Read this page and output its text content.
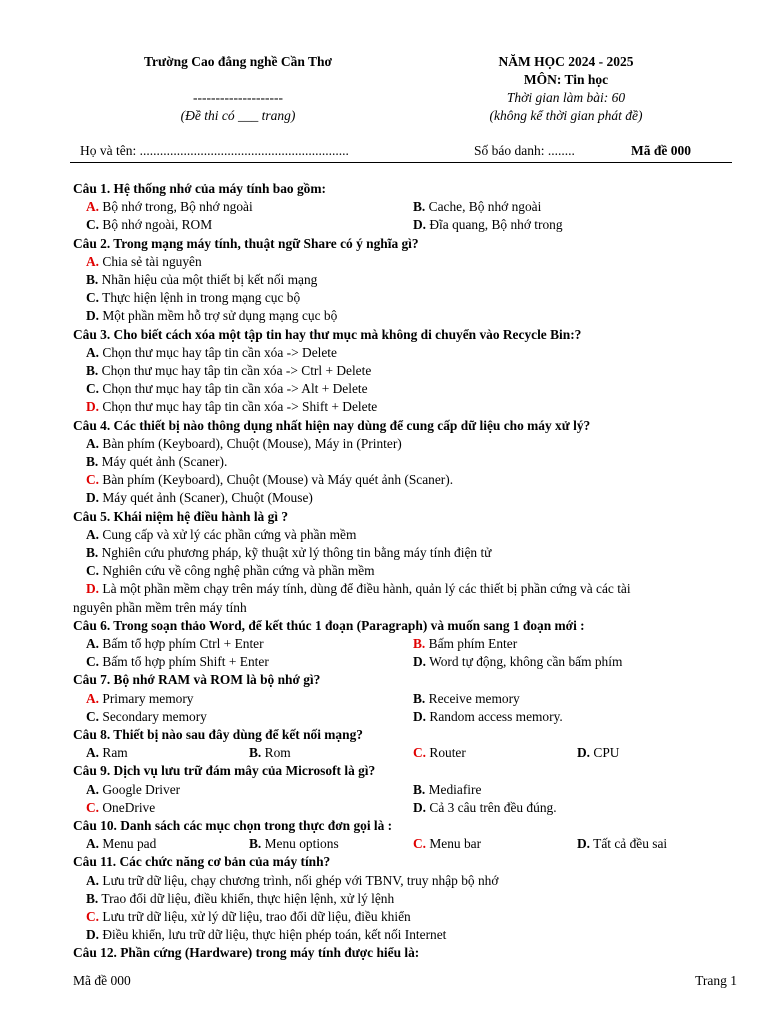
Trường Cao đẳng nghề Cần Thơ
--------------------
(Đề thi có ___ trang)
NĂM HỌC 2024 - 2025
MÔN: Tin học
Thời gian làm bài: 60
(không kể thời gian phát đề)
Họ và tên: ..............................................................	Số báo danh: ........	Mã đề 000
Câu 1. Hệ thống nhớ của máy tính bao gồm:
A. Bộ nhớ trong, Bộ nhớ ngoài	B. Cache, Bộ nhớ ngoài
C. Bộ nhớ ngoài, ROM	D. Đĩa quang, Bộ nhớ trong
Câu 2. Trong mạng máy tính, thuật ngữ Share có ý nghĩa gì?
A. Chia sẻ tài nguyên
B. Nhãn hiệu của một thiết bị kết nối mạng
C. Thực hiện lệnh in trong mạng cục bộ
D. Một phần mềm hỗ trợ sử dụng mạng cục bộ
Câu 3. Cho biết cách xóa một tập tin hay thư mục mà không di chuyển vào Recycle Bin:?
A. Chọn thư mục hay tâp tin cần xóa -> Delete
B. Chọn thư mục hay tâp tin cần xóa -> Ctrl + Delete
C. Chọn thư mục hay tâp tin cần xóa -> Alt + Delete
D. Chọn thư mục hay tâp tin cần xóa -> Shift + Delete
Câu 4. Các thiết bị nào thông dụng nhất hiện nay dùng để cung cấp dữ liệu cho máy xử lý?
A. Bàn phím (Keyboard), Chuột (Mouse), Máy in (Printer)
B. Máy quét ảnh (Scaner).
C. Bàn phím (Keyboard), Chuột (Mouse) và Máy quét ảnh (Scaner).
D. Máy quét ảnh (Scaner), Chuột (Mouse)
Câu 5. Khái niệm hệ điều hành là gì ?
A. Cung cấp và xử lý các phần cứng và phần mềm
B. Nghiên cứu phương pháp, kỹ thuật xử lý thông tin bằng máy tính điện tử
C. Nghiên cứu về công nghệ phần cứng và phần mềm
D. Là một phần mềm chạy trên máy tính, dùng để điều hành, quản lý các thiết bị phần cứng và các tài
nguyên phần mềm trên máy tính
Câu 6. Trong soạn thảo Word, để kết thúc 1 đoạn (Paragraph) và muốn sang 1 đoạn mới :
A. Bấm tổ hợp phím Ctrl + Enter	B. Bấm phím Enter
C. Bấm tổ hợp phím Shift + Enter	D. Word tự động, không cần bấm phím
Câu 7. Bộ nhớ RAM và ROM là bộ nhớ gì?
A. Primary memory	B. Receive memory
C. Secondary memory	D. Random access memory.
Câu 8. Thiết bị nào sau đây dùng để kết nối mạng?
A. Ram	B. Rom	C. Router	D. CPU
Câu 9. Dịch vụ lưu trữ đám mây của Microsoft là gì?
A. Google Driver	B. Mediafire
C. OneDrive	D. Cả 3 câu trên đều đúng.
Câu 10. Danh sách các mục chọn trong thực đơn gọi là :
A. Menu pad	B. Menu options	C. Menu bar	D. Tất cả đều sai
Câu 11. Các chức năng cơ bản của máy tính?
A. Lưu trữ dữ liệu, chạy chương trình, nối ghép với TBNV, truy nhập bộ nhớ
B. Trao đổi dữ liệu, điều khiển, thực hiện lệnh, xử lý lệnh
C. Lưu trữ dữ liệu, xử lý dữ liệu, trao đổi dữ liệu, điều khiển
D. Điều khiển, lưu trữ dữ liệu, thực hiện phép toán, kết nối Internet
Câu 12. Phần cứng (Hardware) trong máy tính được hiểu là:
Mã đề 000	Trang 1
